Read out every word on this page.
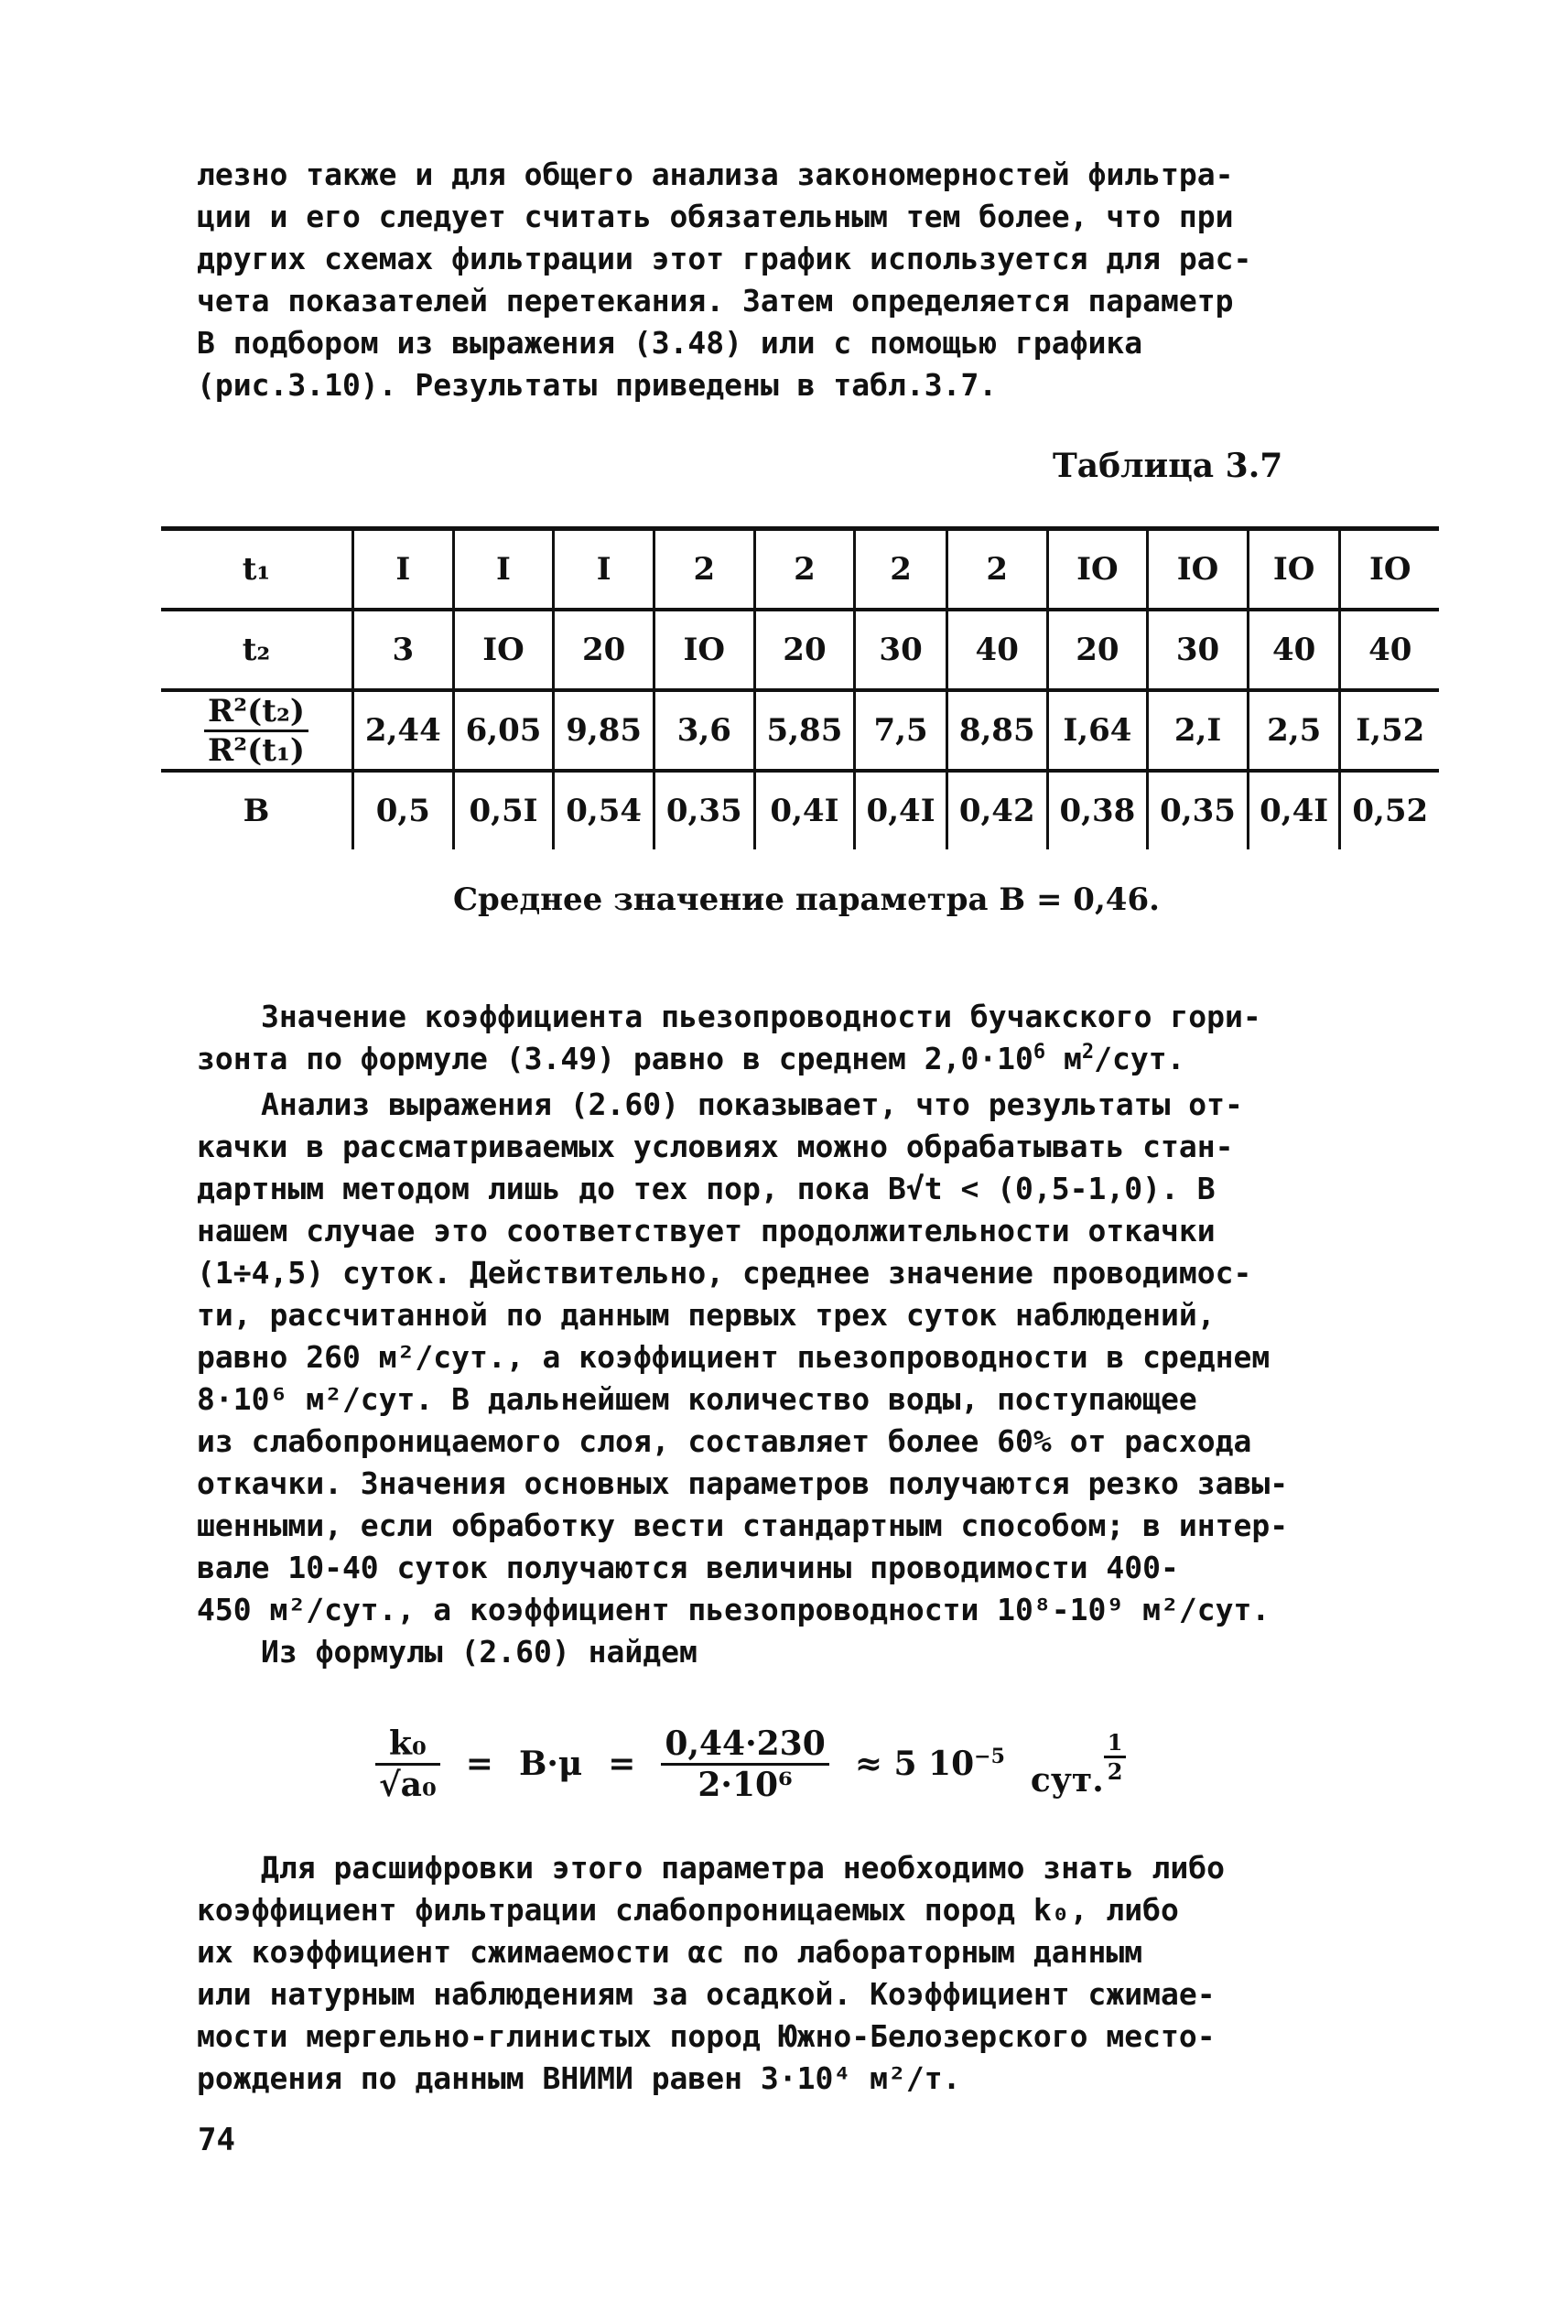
лезно также и для общего анализа закономерностей фильтра-
ции и его следует считать обязательным тем более, что при
других схемах фильтрации этот график используется для рас-
чета показателей перетекания. Затем определяется параметр
В подбором из выражения (3.48) или с помощью графика
(рис.3.10). Результаты приведены в табл.3.7.

Таблица 3.7
t₁	I	I	I	2	2	2	2	IO	IO	IO	IO
t₂	3	IO	20	IO	20	30	40	20	30	40	40

$\frac{\text{R²(t₂)}}{\text{R²(t₁)}}$	2,44	6,05	9,85	3,6	5,85	7,5	8,85	I,64	2,I	2,5	I,52
B	0,5	0,5I	0,54	0,35	0,4I	0,4I	0,42	0,38	0,35	0,4I	0,52
Среднее значение параметра В = 0,46.

Значение коэффициента пьезопроводности бучакского гори-
зонта по формуле (3.49) равно в среднем $2,0\cdot 10^6$ $м^2$/сут.

Анализ выражения (2.60) показывает, что результаты от-
качки в рассматриваемых условиях можно обрабатывать стан-
дартным методом лишь до тех пор, пока В√t < (0,5-1,0). В
нашем случае это соответствует продолжительности откачки
(1÷4,5) суток. Действительно, среднее значение проводимос-
ти, рассчитанной по данным первых трех суток наблюдений,
равно 260 м²/сут., а коэффициент пьезопроводности в среднем
8·10⁶ м²/сут. В дальнейшем количество воды, поступающее
из слабопроницаемого слоя, составляет более 60% от расхода
откачки. Значения основных параметров получаются резко завы-
шенными, если обработку вести стандартным способом; в интер-
вале 10-40 суток получаются величины проводимости 400-
450 м²/сут., а коэффициент пьезопроводности 10⁸-10⁹ м²/сут.
Из формулы (2.60) найдем

$\frac{\text{k₀}}{\text{√a₀}} = B\cdot\mu = \frac{0,44\cdot 230}{\text{2·10⁶}} \approx 5$ $10^{-5}$
сут. $\frac{1}{2}$

Для расшифровки этого параметра необходимо знать либо
коэффициент фильтрации слабопроницаемых пород k₀, либо
их коэффициент сжимаемости αс по лабораторным данным
или натурным наблюдениям за осадкой. Коэффициент сжимае-
мости мергельно-глинистых пород Южно-Белозерского место-
рождения по данным ВНИМИ равен 3·10⁴ м²/т.

74
